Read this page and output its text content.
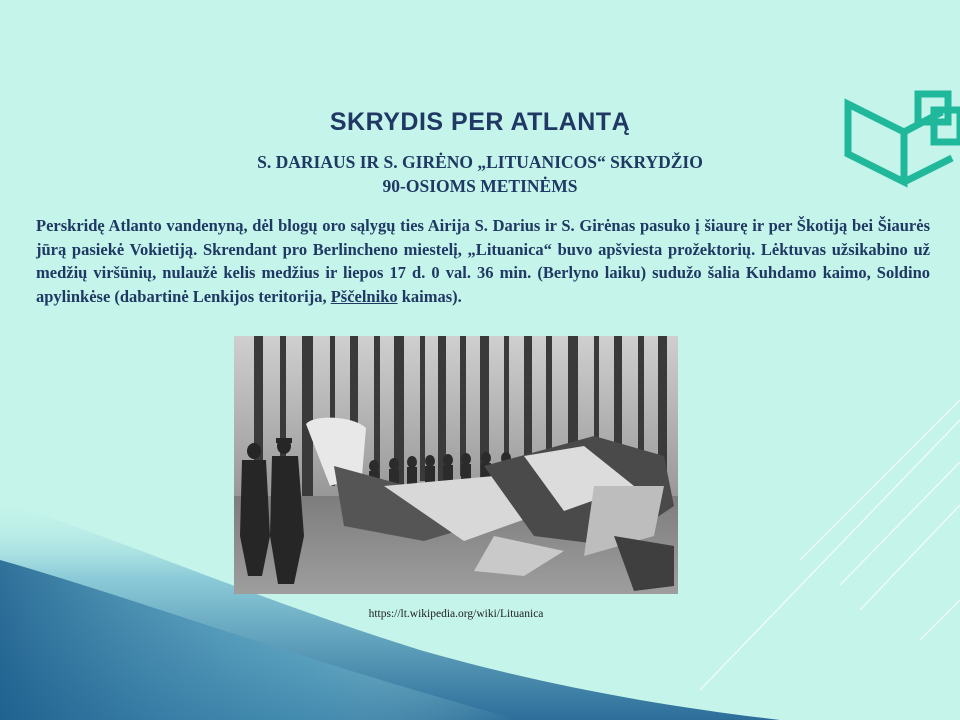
SKRYDIS PER ATLANTĄ
S. DARIAUS IR S. GIRĖNO „LITUANICOS“ SKRYDŽIO
90-OSIOMS METINĖMS
Perskridę Atlanto vandenyną, dėl blogų oro sąlygų ties Airija S. Darius ir S. Girėnas pasuko į šiaurę ir per Škotiją bei Šiaurės jūrą pasiekė Vokietiją. Skrendant pro Berlincheno miestelį, „Lituanica“ buvo apšviesta prožektorių. Lėktuvas užsikabino už medžių viršūnių, nulaužė kelis medžius ir liepos 17 d. 0 val. 36 min. (Berlyno laiku) sudužo šalia Kuhdamo kaimo, Soldino apylinkėse (dabartinė Lenkijos teritorija, Pščelniko kaimas).
https://lt.wikipedia.org/wiki/Lituanica
